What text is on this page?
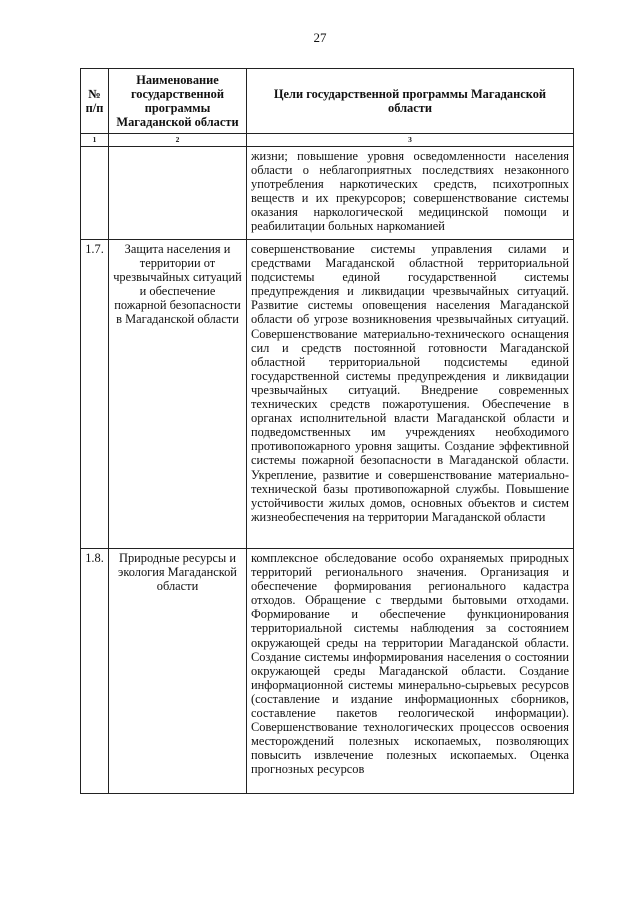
27
№ п/п	Наименование государственной программы Магаданской области	Цели государственной программы Магаданской области
1	2	3
		жизни; повышение уровня осведомленности населения области о неблагоприятных последствиях незаконного употребления наркотических средств, психотропных веществ и их прекурсоров; совершенствование системы оказания наркологической медицинской помощи и реабилитации больных наркоманией
1.7.	Защита населения и территории от чрезвычайных ситуаций и обеспечение пожарной безопасности в Магаданской области	совершенствование системы управления силами и средствами Магаданской областной территориальной подсистемы единой государственной системы предупреждения и ликвидации чрезвычайных ситуаций. Развитие системы оповещения населения Магаданской области об угрозе возникновения чрезвычайных ситуаций. Совершенствование материально-технического оснащения сил и средств постоянной готовности Магаданской областной территориальной подсистемы единой государственной системы предупреждения и ликвидации чрезвычайных ситуаций. Внедрение современных технических средств пожаротушения. Обеспечение в органах исполнительной власти Магаданской области и подведомственных им учреждениях необходимого противопожарного уровня защиты. Создание эффективной системы пожарной безопасности в Магаданской области. Укрепление, развитие и совершенствование материально-технической базы противопожарной службы. Повышение устойчивости жилых домов, основных объектов и систем жизнеобеспечения на территории Магаданской области
1.8.	Природные ресурсы и экология Магаданской области	комплексное обследование особо охраняемых природных территорий регионального значения. Организация и обеспечение формирования регионального кадастра отходов. Обращение с твердыми бытовыми отходами. Формирование и обеспечение функционирования территориальной системы наблюдения за состоянием окружающей среды на территории Магаданской области. Создание системы информирования населения о состоянии окружающей среды Магаданской области. Создание информационной системы минерально-сырьевых ресурсов (составление и издание информационных сборников, составление пакетов геологической информации). Совершенствование технологических процессов освоения месторождений полезных ископаемых, позволяющих повысить извлечение полезных ископаемых. Оценка прогнозных ресурсов
